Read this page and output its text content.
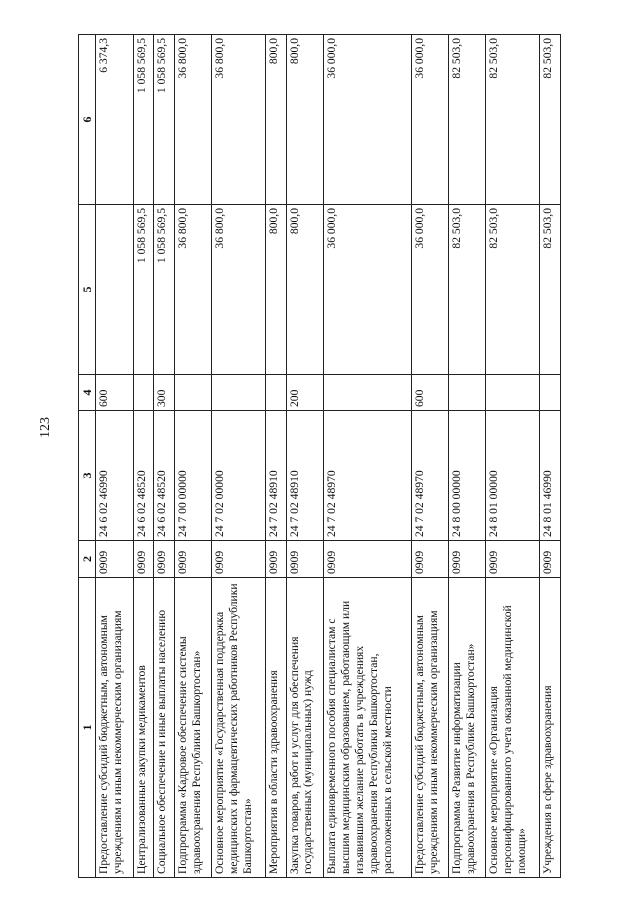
123
1	2	3	4	5	6
Предоставление субсидий бюджетным, автономным учреждениям и иным некоммерческим организациям	0909	24 6 02 46990	600		6 374,3
Централизованные закупки медикаментов	0909	24 6 02 48520		1 058 569,5	1 058 569,5
Социальное обеспечение и иные выплаты населению	0909	24 6 02 48520	300	1 058 569,5	1 058 569,5
Подпрограмма «Кадровое обеспечение системы здравоохранения Республики Башкортостан»	0909	24 7 00 00000		36 800,0	36 800,0
Основное мероприятие «Государственная поддержка медицинских и фармацевтических работников Республики Башкортостан»	0909	24 7 02 00000		36 800,0	36 800,0
Мероприятия в области здравоохранения	0909	24 7 02 48910		800,0	800,0
Закупка товаров, работ и услуг для обеспечения государственных (муниципальных) нужд	0909	24 7 02 48910	200	800,0	800,0
Выплата единовременного пособия специалистам с высшим медицинским образованием, работающим или изъявившим желание работать в учреждениях здравоохранения Республики Башкортостан, расположенных в сельской местности	0909	24 7 02 48970		36 000,0	36 000,0
Предоставление субсидий бюджетным, автономным учреждениям и иным некоммерческим организациям	0909	24 7 02 48970	600	36 000,0	36 000,0
Подпрограмма «Развитие информатизации здравоохранения в Республике Башкортостан»	0909	24 8 00 00000		82 503,0	82 503,0
Основное мероприятие «Организация персонифицированного учета оказанной медицинской помощи»	0909	24 8 01 00000		82 503,0	82 503,0
Учреждения в сфере здравоохранения	0909	24 8 01 46990		82 503,0	82 503,0
